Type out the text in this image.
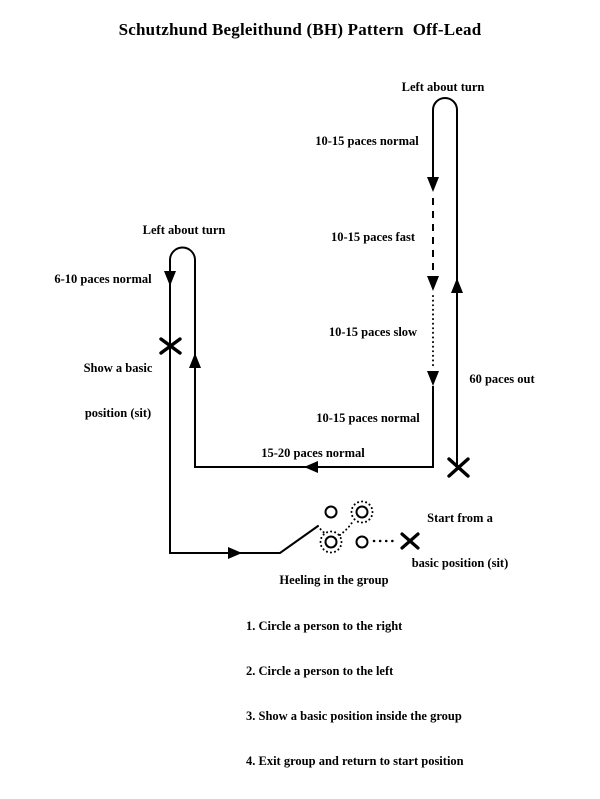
Schutzhund Begleithund (BH) Pattern  Off-Lead
Left about turn
10-15 paces normal
10-15 paces fast
10-15 paces slow
60 paces out
10-15 paces normal
15-20 paces normal
Left about turn
6-10 paces normal

Show a basic

position (sit)

Start from a

basic position (sit)

Heeling in the group

1. Circle a person to the right

2. Circle a person to the left

3. Show a basic position inside the group

4. Exit group and return to start position
